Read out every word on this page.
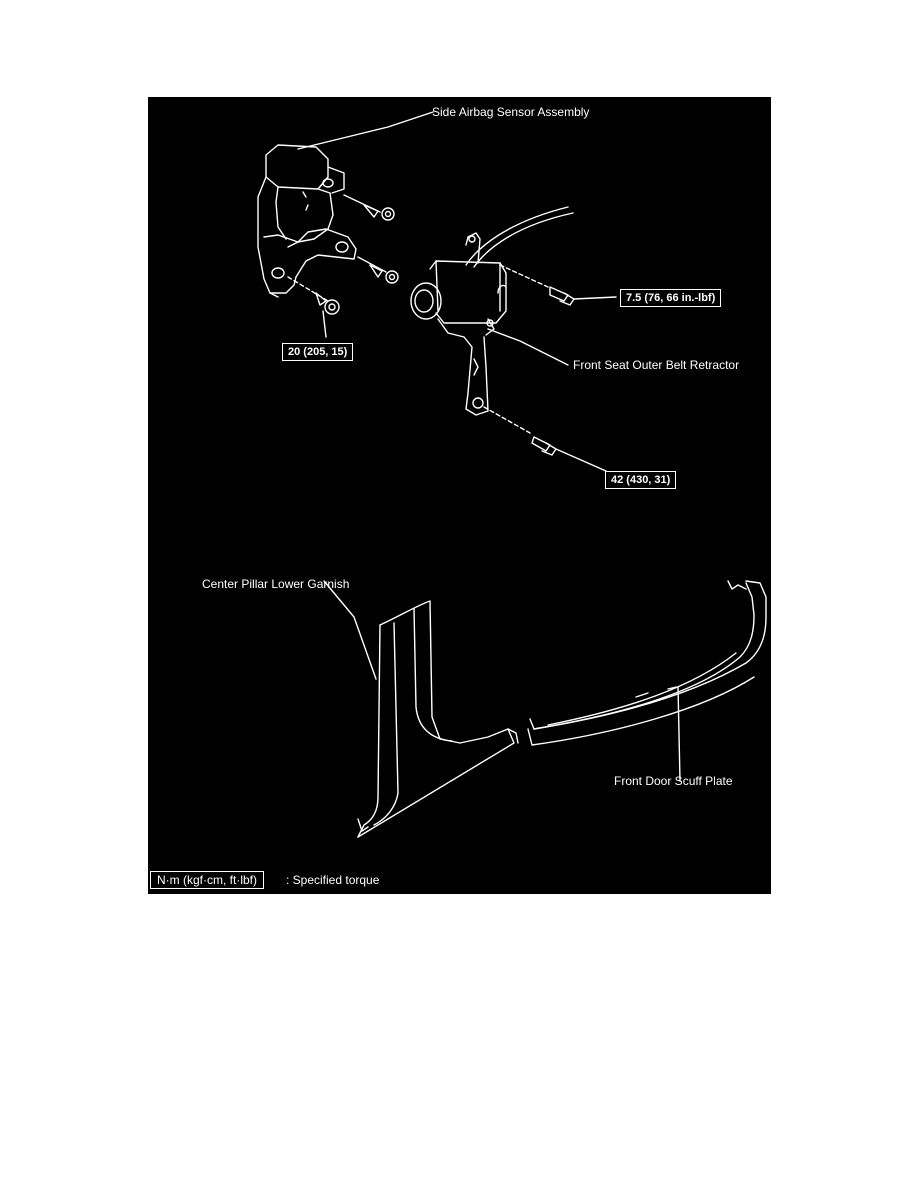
Side Airbag Sensor Assembly
7.5 (76, 66 in.-lbf)
20 (205, 15)
Front Seat Outer Belt Retractor
42 (430, 31)
Center Pillar Lower Garnish
Front Door Scuff Plate
N·m (kgf·cm, ft·lbf)	: Specified torque
